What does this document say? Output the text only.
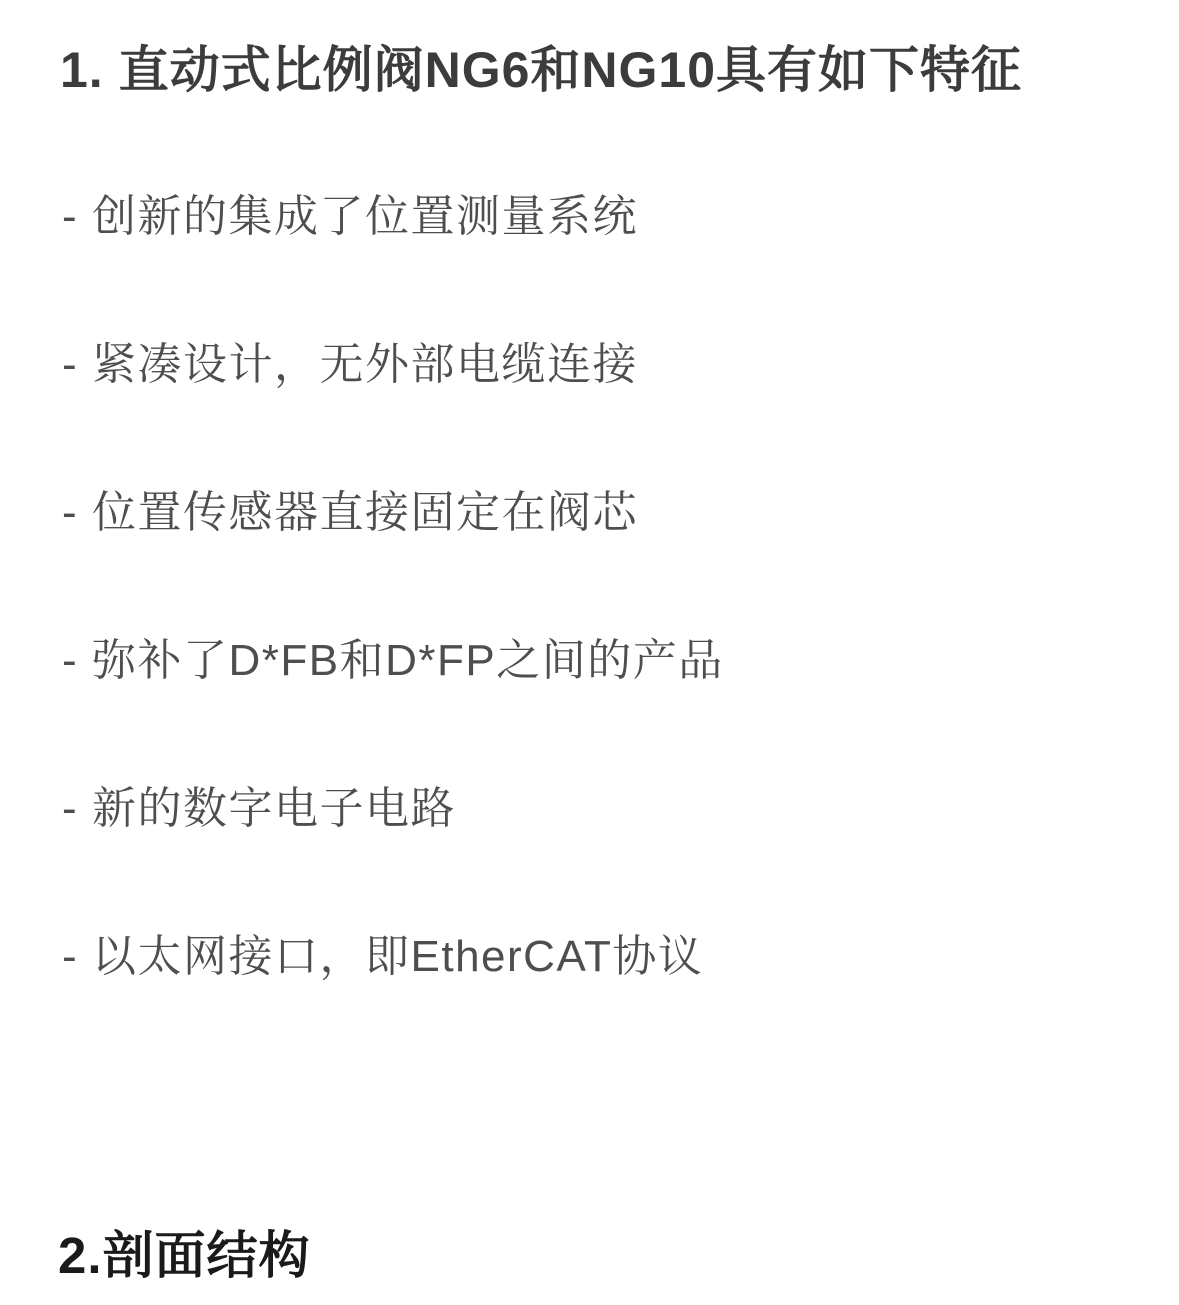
1. 直动式比例阀NG6和NG10具有如下特征
- 创新的集成了位置测量系统
- 紧凑设计，无外部电缆连接
- 位置传感器直接固定在阀芯
- 弥补了D*FB和D*FP之间的产品
- 新的数字电子电路
- 以太网接口，即EtherCAT协议
2.剖面结构
